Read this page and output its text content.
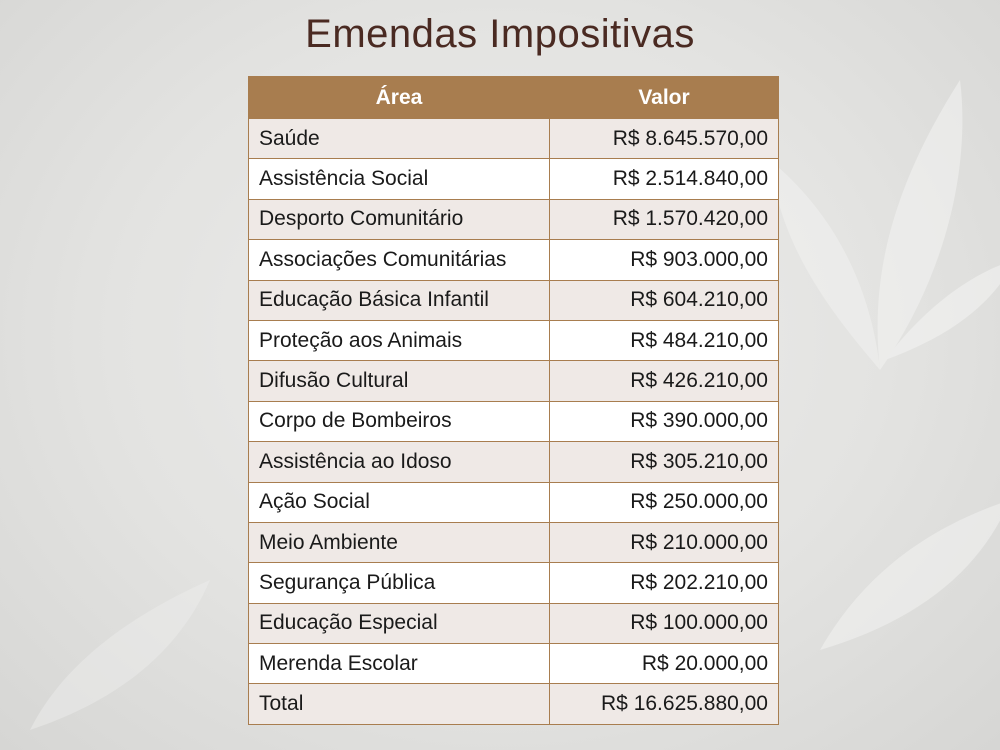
Emendas Impositivas
Área	Valor
Saúde	R$ 8.645.570,00
Assistência Social	R$ 2.514.840,00
Desporto Comunitário	R$ 1.570.420,00
Associações Comunitárias	R$ 903.000,00
Educação Básica Infantil	R$ 604.210,00
Proteção aos Animais	R$ 484.210,00
Difusão Cultural	R$ 426.210,00
Corpo de Bombeiros	R$ 390.000,00
Assistência ao Idoso	R$ 305.210,00
Ação Social	R$ 250.000,00
Meio Ambiente	R$ 210.000,00
Segurança Pública	R$ 202.210,00
Educação Especial	R$ 100.000,00
Merenda Escolar	R$ 20.000,00
Total	R$ 16.625.880,00
